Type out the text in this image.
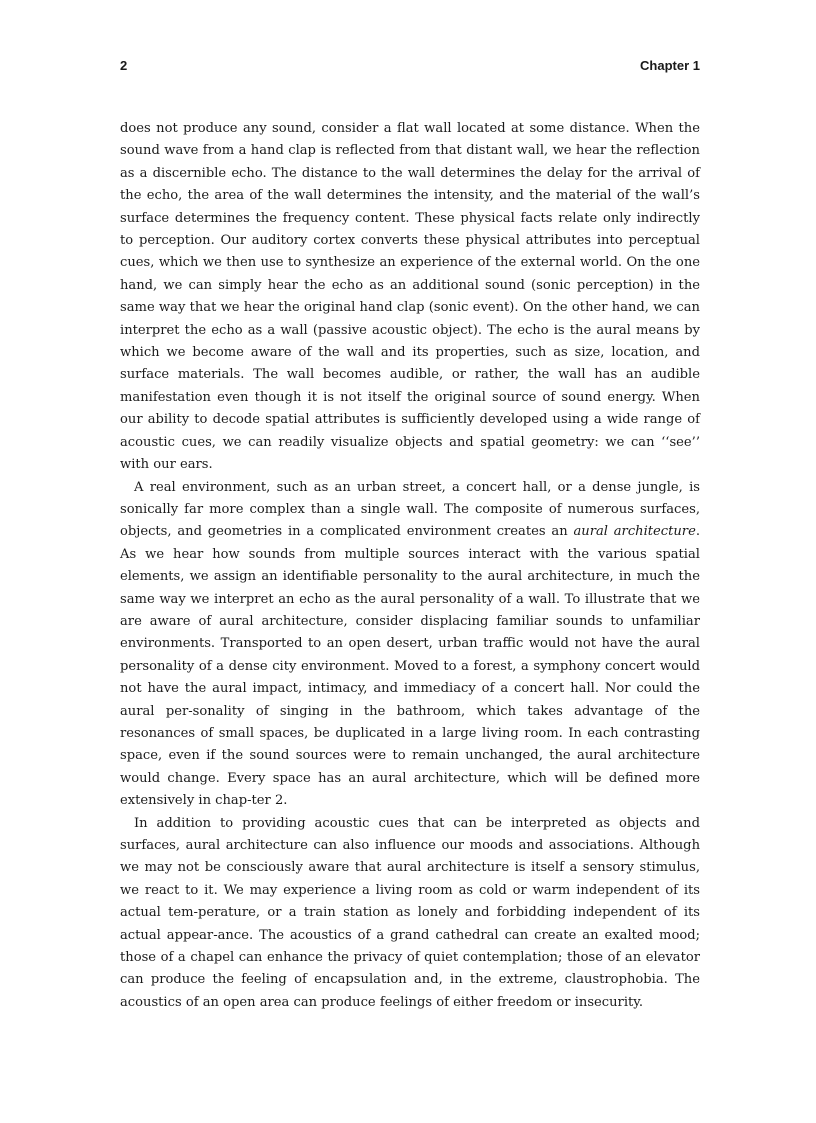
2	Chapter 1

does not produce any sound, consider a flat wall located at some distance. When the sound wave from a hand clap is reflected from that distant wall, we hear the reflection as a discernible echo. The distance to the wall determines the delay for the arrival of the echo, the area of the wall determines the intensity, and the material of the wall’s surface determines the frequency content. These physical facts relate only indirectly to perception. Our auditory cortex converts these physical attributes into perceptual cues, which we then use to synthesize an experience of the external world. On the one hand, we can simply hear the echo as an additional sound (sonic perception) in the same way that we hear the original hand clap (sonic event). On the other hand, we can interpret the echo as a wall (passive acoustic object). The echo is the aural means by which we become aware of the wall and its properties, such as size, location, and surface materials. The wall becomes audible, or rather, the wall has an audible manifestation even though it is not itself the original source of sound energy. When our ability to decode spatial attributes is sufficiently developed using a wide range of acoustic cues, we can readily visualize objects and spatial geometry: we can ‘‘see’’ with our ears.

A real environment, such as an urban street, a concert hall, or a dense jungle, is sonically far more complex than a single wall. The composite of numerous surfaces, objects, and geometries in a complicated environment creates an aural architecture. As we hear how sounds from multiple sources interact with the various spatial elements, we assign an identifiable personality to the aural architecture, in much the same way we interpret an echo as the aural personality of a wall. To illustrate that we are aware of aural architecture, consider displacing familiar sounds to unfamiliar environments. Transported to an open desert, urban traffic would not have the aural personality of a dense city environment. Moved to a forest, a symphony concert would not have the aural impact, intimacy, and immediacy of a concert hall. Nor could the aural per-sonality of singing in the bathroom, which takes advantage of the resonances of small spaces, be duplicated in a large living room. In each contrasting space, even if the sound sources were to remain unchanged, the aural architecture would change. Every space has an aural architecture, which will be defined more extensively in chap-ter 2.

In addition to providing acoustic cues that can be interpreted as objects and surfaces, aural architecture can also influence our moods and associations. Although we may not be consciously aware that aural architecture is itself a sensory stimulus, we react to it. We may experience a living room as cold or warm independent of its actual tem-perature, or a train station as lonely and forbidding independent of its actual appear-ance. The acoustics of a grand cathedral can create an exalted mood; those of a chapel can enhance the privacy of quiet contemplation; those of an elevator can produce the feeling of encapsulation and, in the extreme, claustrophobia. The acoustics of an open area can produce feelings of either freedom or insecurity.
